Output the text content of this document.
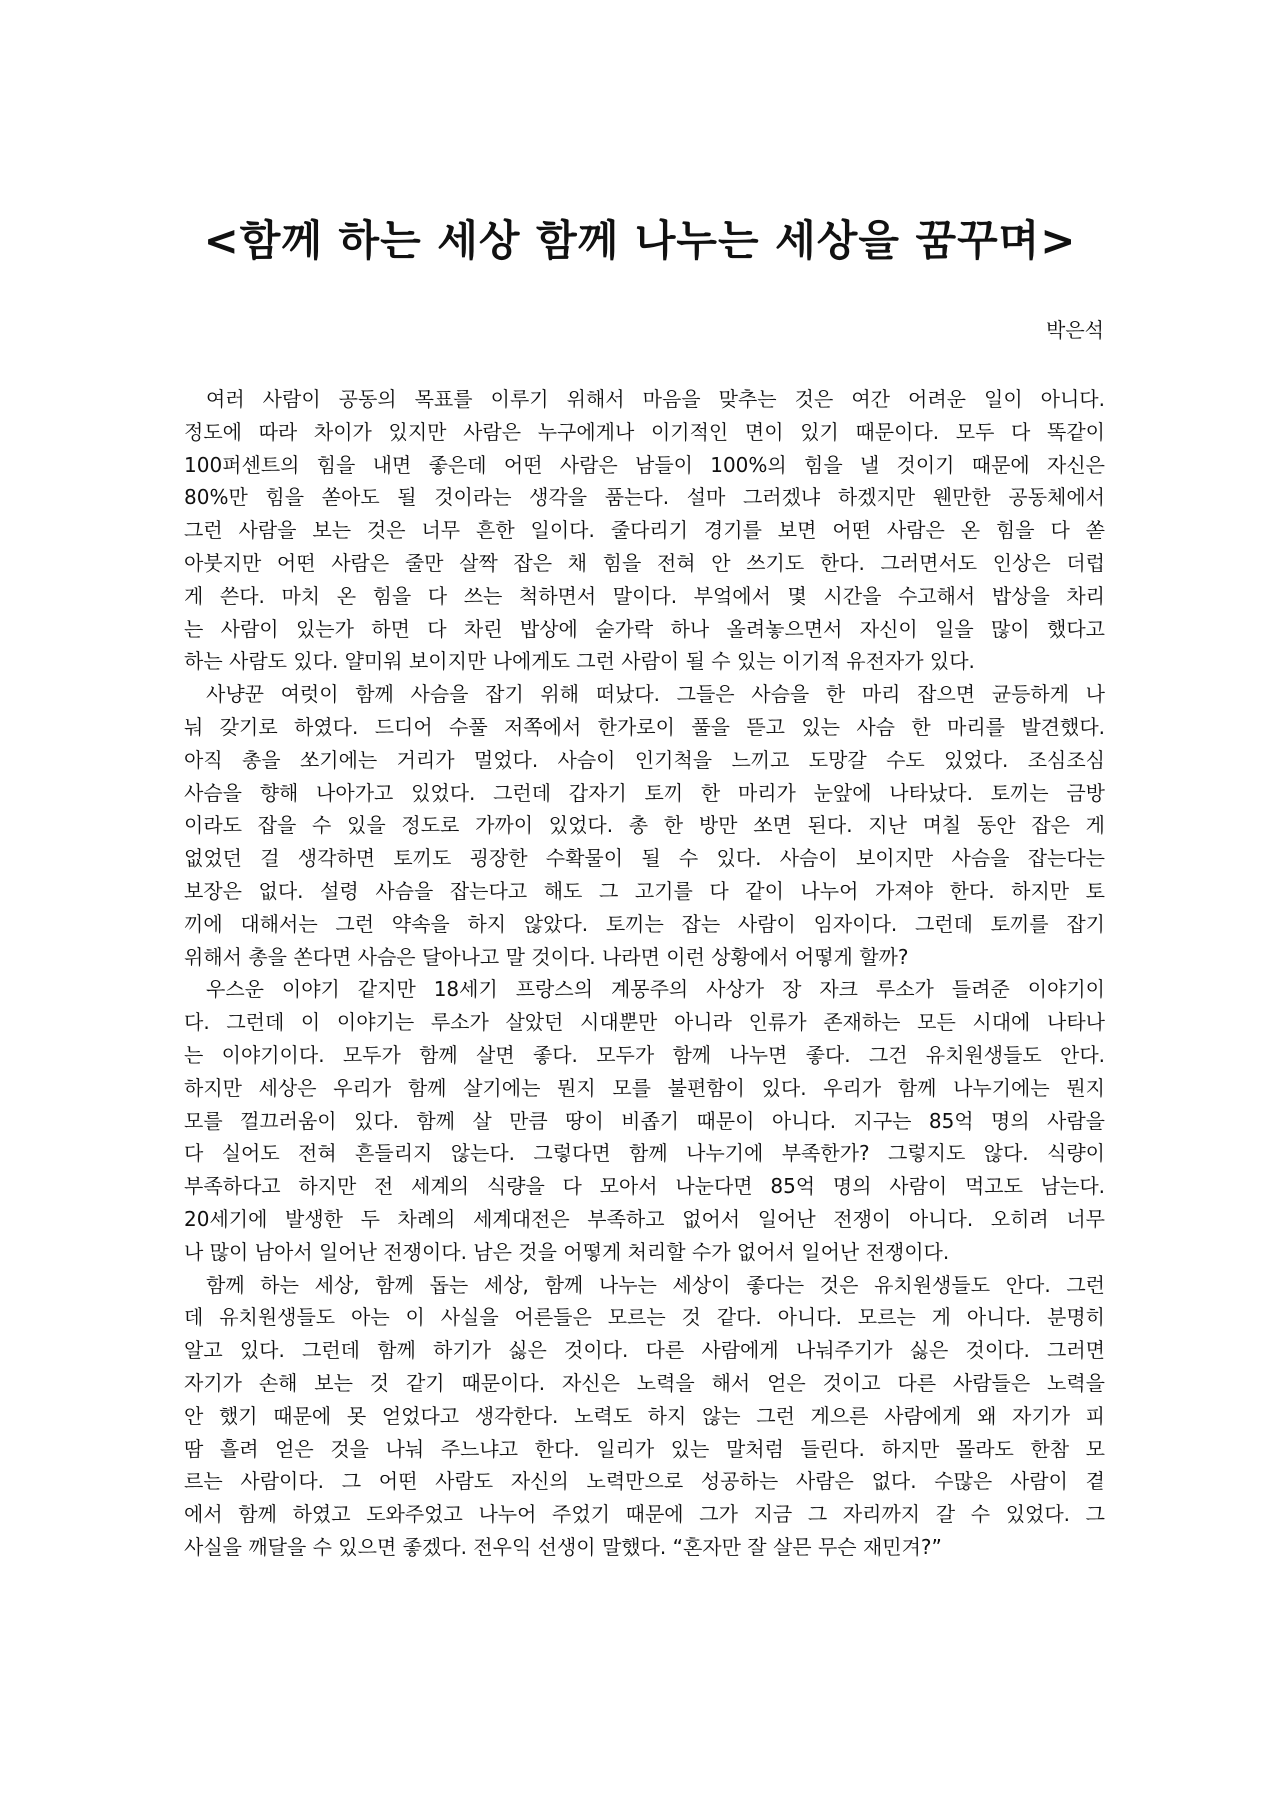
<함께 하는 세상 함께 나누는 세상을 꿈꾸며>
박은석
여러 사람이 공동의 목표를 이루기 위해서 마음을 맞추는 것은 여간 어려운 일이 아니다.
정도에 따라 차이가 있지만 사람은 누구에게나 이기적인 면이 있기 때문이다. 모두 다 똑같이
100퍼센트의 힘을 내면 좋은데 어떤 사람은 남들이 100%의 힘을 낼 것이기 때문에 자신은
80%만 힘을 쏟아도 될 것이라는 생각을 품는다. 설마 그러겠냐 하겠지만 웬만한 공동체에서
그런 사람을 보는 것은 너무 흔한 일이다. 줄다리기 경기를 보면 어떤 사람은 온 힘을 다 쏟
아붓지만 어떤 사람은 줄만 살짝 잡은 채 힘을 전혀 안 쓰기도 한다. 그러면서도 인상은 더럽
게 쓴다. 마치 온 힘을 다 쓰는 척하면서 말이다. 부엌에서 몇 시간을 수고해서 밥상을 차리
는 사람이 있는가 하면 다 차린 밥상에 숟가락 하나 올려놓으면서 자신이 일을 많이 했다고
하는 사람도 있다. 얄미워 보이지만 나에게도 그런 사람이 될 수 있는 이기적 유전자가 있다.
사냥꾼 여럿이 함께 사슴을 잡기 위해 떠났다. 그들은 사슴을 한 마리 잡으면 균등하게 나
눠 갖기로 하였다. 드디어 수풀 저쪽에서 한가로이 풀을 뜯고 있는 사슴 한 마리를 발견했다.
아직 총을 쏘기에는 거리가 멀었다. 사슴이 인기척을 느끼고 도망갈 수도 있었다. 조심조심
사슴을 향해 나아가고 있었다. 그런데 갑자기 토끼 한 마리가 눈앞에 나타났다. 토끼는 금방
이라도 잡을 수 있을 정도로 가까이 있었다. 총 한 방만 쏘면 된다. 지난 며칠 동안 잡은 게
없었던 걸 생각하면 토끼도 굉장한 수확물이 될 수 있다. 사슴이 보이지만 사슴을 잡는다는
보장은 없다. 설령 사슴을 잡는다고 해도 그 고기를 다 같이 나누어 가져야 한다. 하지만 토
끼에 대해서는 그런 약속을 하지 않았다. 토끼는 잡는 사람이 임자이다. 그런데 토끼를 잡기
위해서 총을 쏜다면 사슴은 달아나고 말 것이다. 나라면 이런 상황에서 어떻게 할까?
우스운 이야기 같지만 18세기 프랑스의 계몽주의 사상가 장 자크 루소가 들려준 이야기이
다. 그런데 이 이야기는 루소가 살았던 시대뿐만 아니라 인류가 존재하는 모든 시대에 나타나
는 이야기이다. 모두가 함께 살면 좋다. 모두가 함께 나누면 좋다. 그건 유치원생들도 안다.
하지만 세상은 우리가 함께 살기에는 뭔지 모를 불편함이 있다. 우리가 함께 나누기에는 뭔지
모를 껄끄러움이 있다. 함께 살 만큼 땅이 비좁기 때문이 아니다. 지구는 85억 명의 사람을
다 실어도 전혀 흔들리지 않는다. 그렇다면 함께 나누기에 부족한가? 그렇지도 않다. 식량이
부족하다고 하지만 전 세계의 식량을 다 모아서 나눈다면 85억 명의 사람이 먹고도 남는다.
20세기에 발생한 두 차례의 세계대전은 부족하고 없어서 일어난 전쟁이 아니다. 오히려 너무
나 많이 남아서 일어난 전쟁이다. 남은 것을 어떻게 처리할 수가 없어서 일어난 전쟁이다.
함께 하는 세상, 함께 돕는 세상, 함께 나누는 세상이 좋다는 것은 유치원생들도 안다. 그런
데 유치원생들도 아는 이 사실을 어른들은 모르는 것 같다. 아니다. 모르는 게 아니다. 분명히
알고 있다. 그런데 함께 하기가 싫은 것이다. 다른 사람에게 나눠주기가 싫은 것이다. 그러면
자기가 손해 보는 것 같기 때문이다. 자신은 노력을 해서 얻은 것이고 다른 사람들은 노력을
안 했기 때문에 못 얻었다고 생각한다. 노력도 하지 않는 그런 게으른 사람에게 왜 자기가 피
땀 흘려 얻은 것을 나눠 주느냐고 한다. 일리가 있는 말처럼 들린다. 하지만 몰라도 한참 모
르는 사람이다. 그 어떤 사람도 자신의 노력만으로 성공하는 사람은 없다. 수많은 사람이 곁
에서 함께 하였고 도와주었고 나누어 주었기 때문에 그가 지금 그 자리까지 갈 수 있었다. 그
사실을 깨달을 수 있으면 좋겠다. 전우익 선생이 말했다. “혼자만 잘 살믄 무슨 재민겨?”
